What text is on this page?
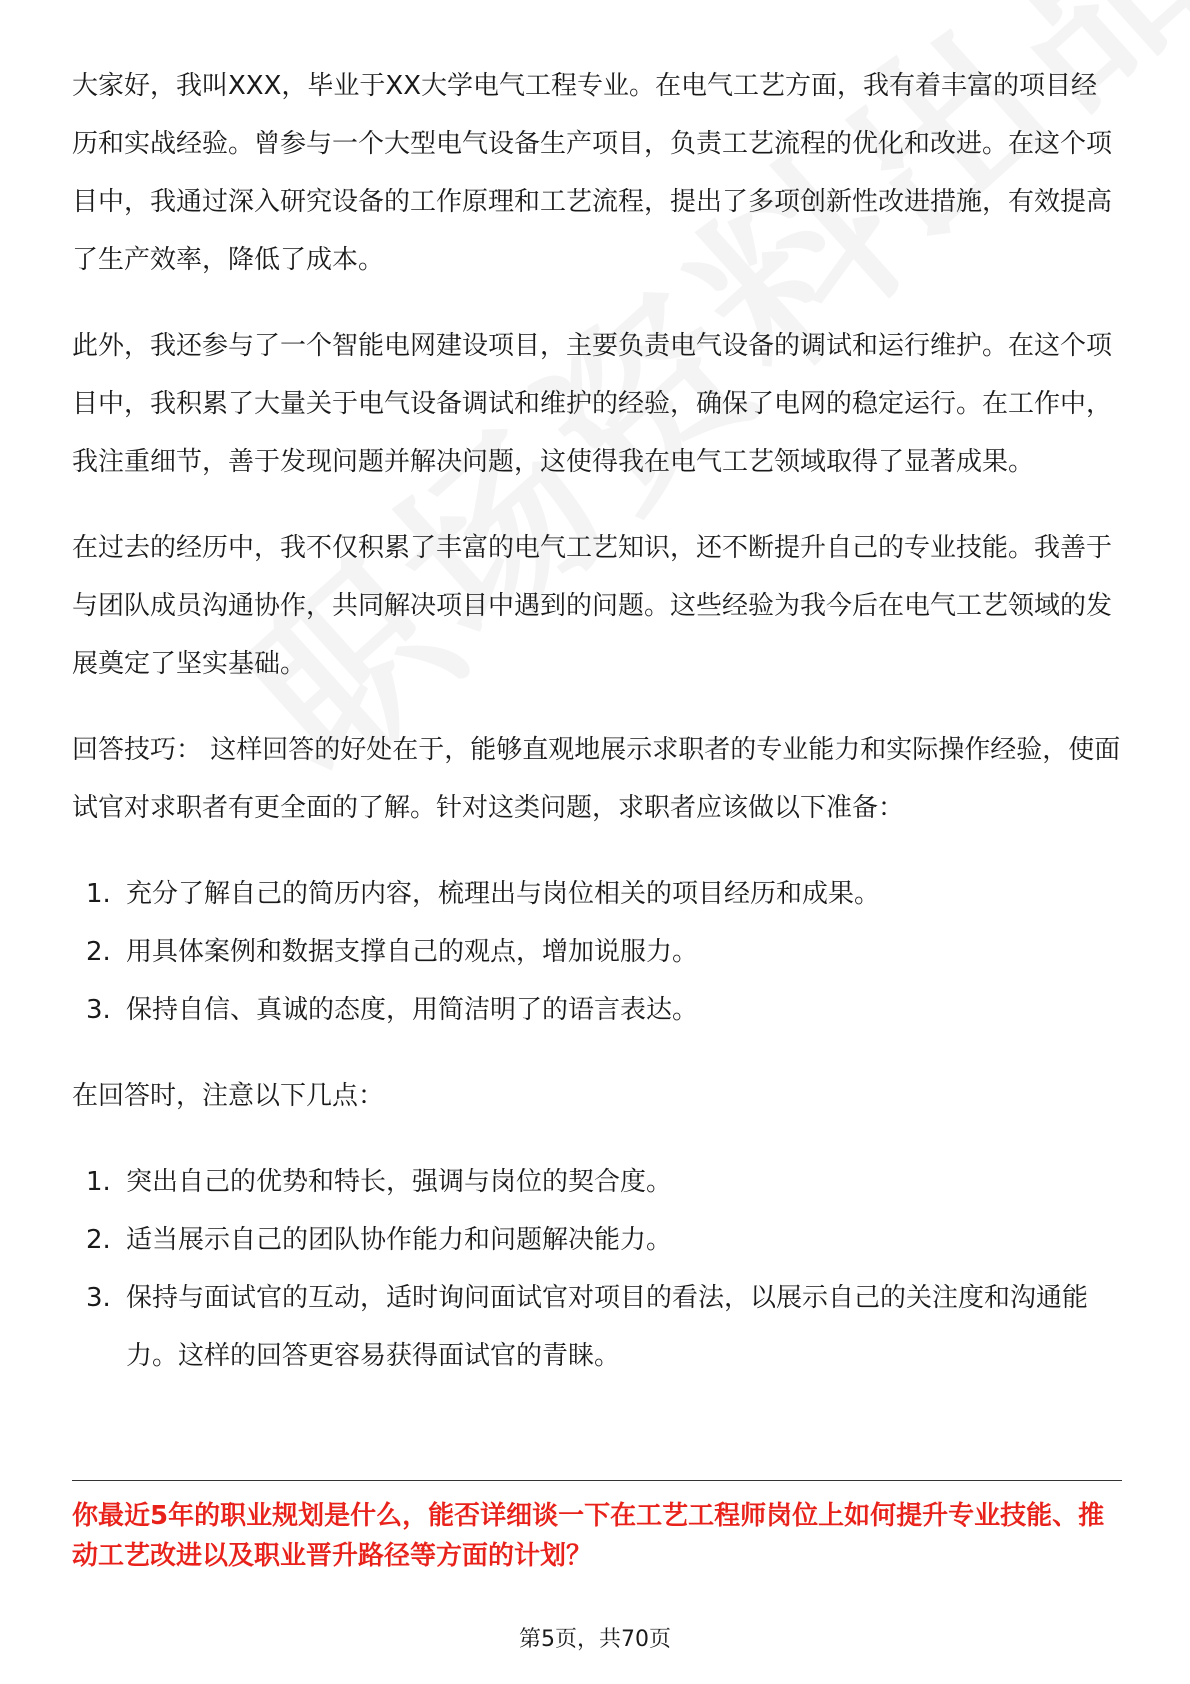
大家好，我叫XXX，毕业于XX大学电气工程专业。在电气工艺方面，我有着丰富的项目经历和实战经验。曾参与一个大型电气设备生产项目，负责工艺流程的优化和改进。在这个项目中，我通过深入研究设备的工作原理和工艺流程，提出了多项创新性改进措施，有效提高了生产效率，降低了成本。

此外，我还参与了一个智能电网建设项目，主要负责电气设备的调试和运行维护。在这个项目中，我积累了大量关于电气设备调试和维护的经验，确保了电网的稳定运行。在工作中，我注重细节，善于发现问题并解决问题，这使得我在电气工艺领域取得了显著成果。

在过去的经历中，我不仅积累了丰富的电气工艺知识，还不断提升自己的专业技能。我善于与团队成员沟通协作，共同解决项目中遇到的问题。这些经验为我今后在电气工艺领域的发展奠定了坚实基础。

回答技巧： 这样回答的好处在于，能够直观地展示求职者的专业能力和实际操作经验，使面试官对求职者有更全面的了解。针对这类问题，求职者应该做以下准备：

1. 充分了解自己的简历内容，梳理出与岗位相关的项目经历和成果。
2. 用具体案例和数据支撑自己的观点，增加说服力。
3. 保持自信、真诚的态度，用简洁明了的语言表达。

在回答时，注意以下几点：

1. 突出自己的优势和特长，强调与岗位的契合度。
2. 适当展示自己的团队协作能力和问题解决能力。
3. 保持与面试官的互动，适时询问面试官对项目的看法，以展示自己的关注度和沟通能力。这样的回答更容易获得面试官的青睐。
你最近5年的职业规划是什么，能否详细谈一下在工艺工程师岗位上如何提升专业技能、推动工艺改进以及职业晋升路径等方面的计划？
第5页，共70页
